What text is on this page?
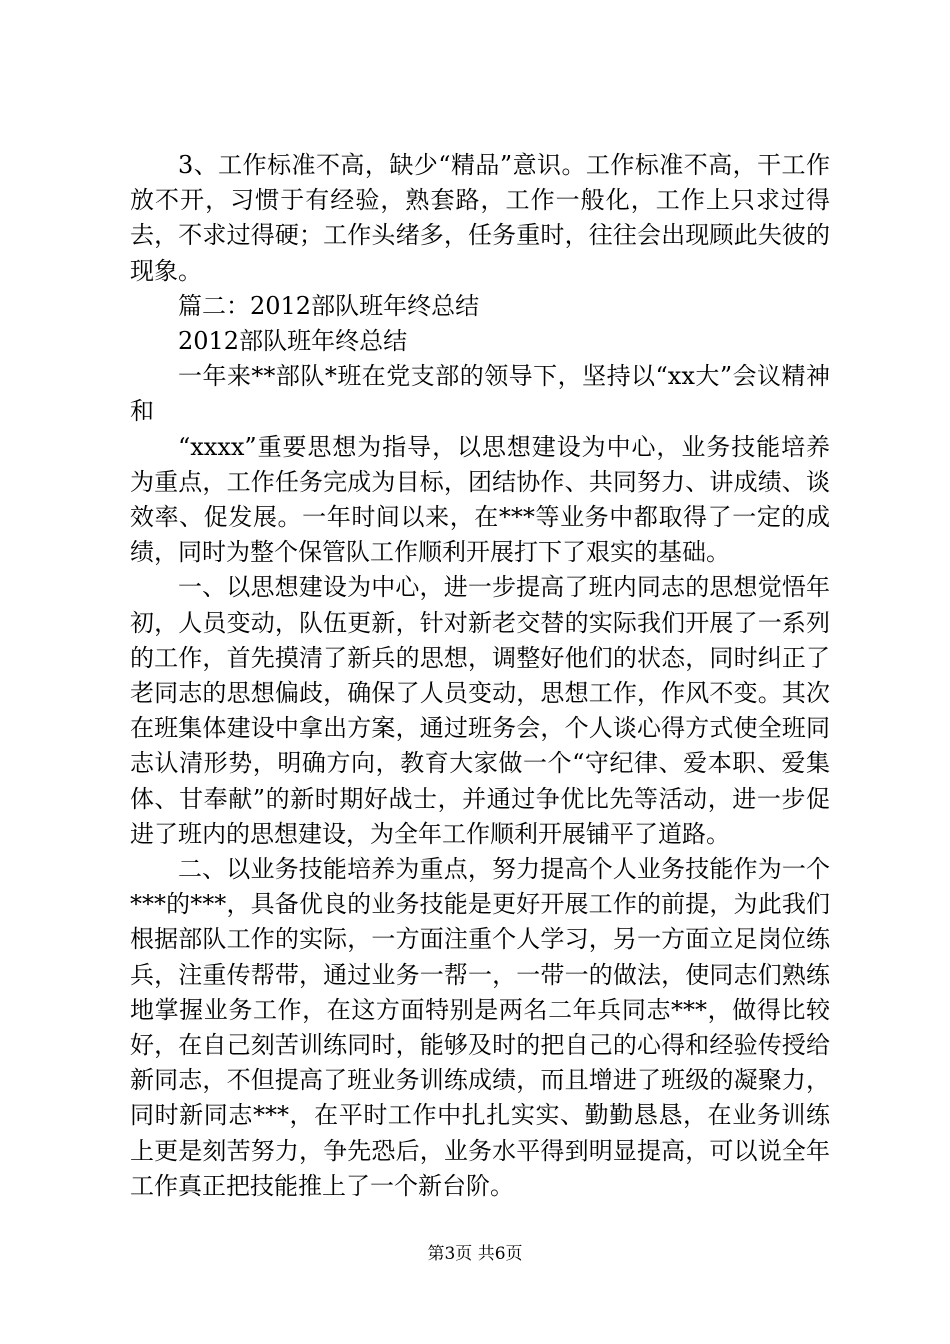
3、工作标准不高，缺少“精品”意识。工作标准不高，干工作放不开，习惯于有经验，熟套路，工作一般化，工作上只求过得去，不求过得硬；工作头绪多，任务重时，往往会出现顾此失彼的现象。

篇二：2012部队班年终总结

2012部队班年终总结

一年来**部队*班在党支部的领导下，坚持以“xx大”会议精神和

“xxxx”重要思想为指导，以思想建设为中心，业务技能培养为重点，工作任务完成为目标，团结协作、共同努力、讲成绩、谈效率、促发展。一年时间以来，在***等业务中都取得了一定的成绩，同时为整个保管队工作顺利开展打下了艰实的基础。

一、以思想建设为中心，进一步提高了班内同志的思想觉悟年初，人员变动，队伍更新，针对新老交替的实际我们开展了一系列的工作，首先摸清了新兵的思想，调整好他们的状态，同时纠正了老同志的思想偏歧，确保了人员变动，思想工作，作风不变。其次在班集体建设中拿出方案，通过班务会，个人谈心得方式使全班同志认清形势，明确方向，教育大家做一个“守纪律、爱本职、爱集体、甘奉献”的新时期好战士，并通过争优比先等活动，进一步促进了班内的思想建设，为全年工作顺利开展铺平了道路。

二、以业务技能培养为重点，努力提高个人业务技能作为一个***的***，具备优良的业务技能是更好开展工作的前提，为此我们根据部队工作的实际，一方面注重个人学习，另一方面立足岗位练兵，注重传帮带，通过业务一帮一，一带一的做法，使同志们熟练地掌握业务工作，在这方面特别是两名二年兵同志***，做得比较好，在自己刻苦训练同时，能够及时的把自己的心得和经验传授给新同志，不但提高了班业务训练成绩，而且增进了班级的凝聚力，同时新同志***，在平时工作中扎扎实实、勤勤恳恳，在业务训练上更是刻苦努力，争先恐后，业务水平得到明显提高，可以说全年工作真正把技能推上了一个新台阶。

第3页 共6页
